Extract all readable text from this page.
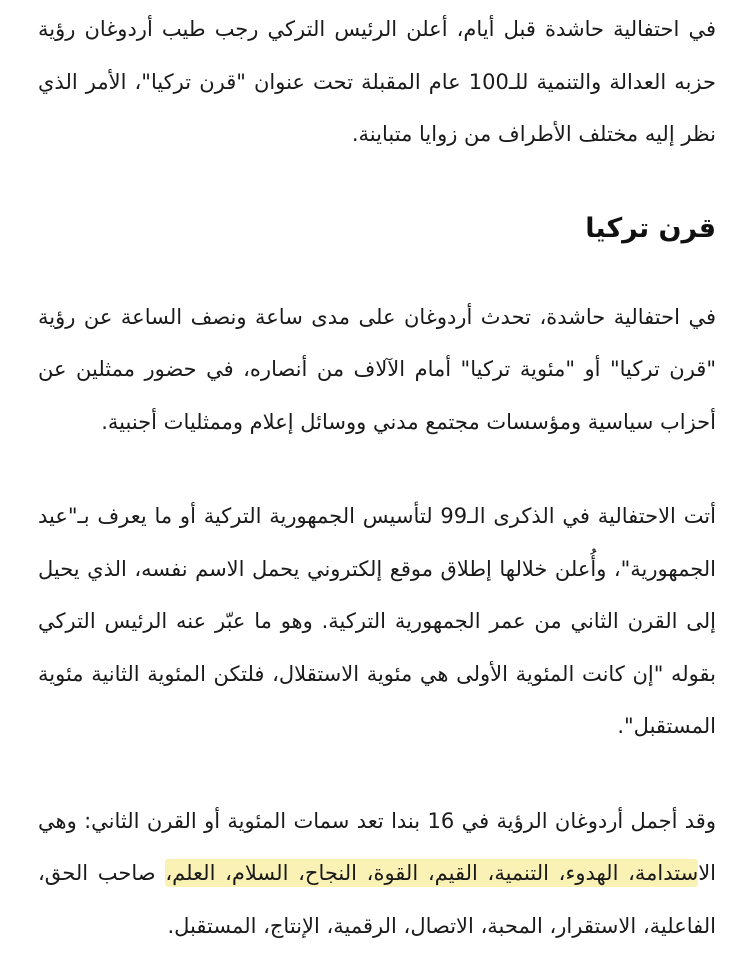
في احتفالية حاشدة قبل أيام، أعلن الرئيس التركي رجب طيب أردوغان رؤية حزبه العدالة والتنمية للـ100 عام المقبلة تحت عنوان "قرن تركيا"، الأمر الذي نظر إليه مختلف الأطراف من زوايا متباينة.

قرن تركيا

في احتفالية حاشدة، تحدث أردوغان على مدى ساعة ونصف الساعة عن رؤية "قرن تركيا" أو "مئوية تركيا" أمام الآلاف من أنصاره، في حضور ممثلين عن أحزاب سياسية ومؤسسات مجتمع مدني ووسائل إعلام وممثليات أجنبية.

أتت الاحتفالية في الذكرى الـ99 لتأسيس الجمهورية التركية أو ما يعرف بـ"عيد الجمهورية"، وأُعلن خلالها إطلاق موقع إلكتروني يحمل الاسم نفسه، الذي يحيل إلى القرن الثاني من عمر الجمهورية التركية. وهو ما عبّر عنه الرئيس التركي بقوله "إن كانت المئوية الأولى هي مئوية الاستقلال، فلتكن المئوية الثانية مئوية المستقبل".

وقد أجمل أردوغان الرؤية في 16 بندا تعد سمات المئوية أو القرن الثاني: وهي الاستدامة، الهدوء، التنمية، القيم، القوة، النجاح، السلام، العلم، صاحب الحق، الفاعلية، الاستقرار، المحبة، الاتصال، الرقمية، الإنتاج، المستقبل.
